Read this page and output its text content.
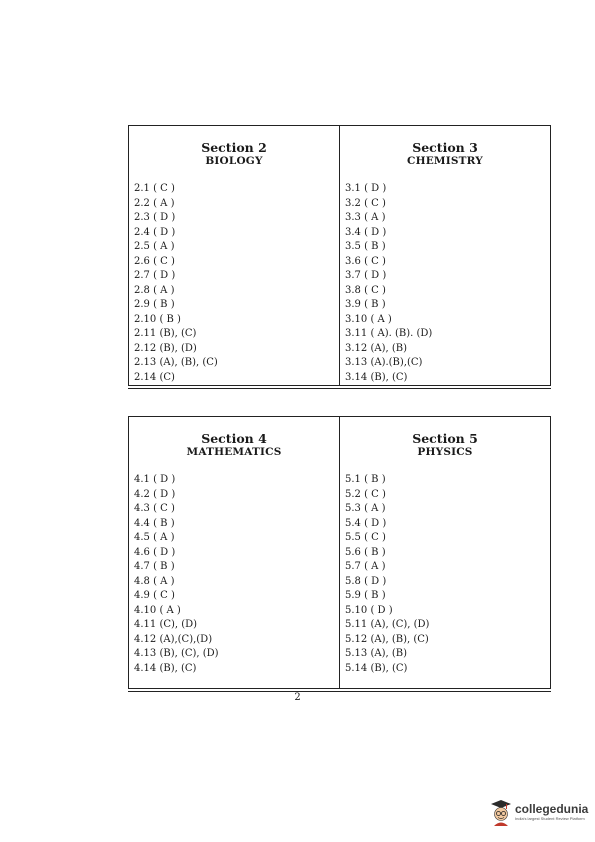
Section 2
BIOLOGY
2.1 ( C )
2.2 ( A )
2.3 ( D )
2.4 ( D )
2.5 ( A )
2.6 ( C )
2.7 ( D )
2.8 ( A )
2.9 ( B )
2.10 ( B )
2.11 (B), (C)
2.12 (B), (D)
2.13 (A), (B), (C)
2.14 (C)
Section 3
CHEMISTRY
3.1 ( D )
3.2 ( C )
3.3 ( A )
3.4 ( D )
3.5 ( B )
3.6 ( C )
3.7 ( D )
3.8 ( C )
3.9 ( B )
3.10 ( A )
3.11 ( A). (B). (D)
3.12 (A), (B)
3.13 (A).(B),(C)
3.14 (B), (C)
Section 4
MATHEMATICS
4.1 ( D )
4.2 ( D )
4.3 ( C )
4.4 ( B )
4.5 ( A )
4.6 ( D )
4.7 ( B )
4.8 ( A )
4.9 ( C )
4.10 ( A )
4.11 (C), (D)
4.12 (A),(C),(D)
4.13 (B), (C), (D)
4.14 (B), (C)
Section 5
PHYSICS
5.1 ( B )
5.2 ( C )
5.3 ( A )
5.4 ( D )
5.5 ( C )
5.6 ( B )
5.7 ( A )
5.8 ( D )
5.9 ( B )
5.10 ( D )
5.11 (A), (C), (D)
5.12 (A), (B), (C)
5.13 (A), (B)
5.14 (B), (C)
2
collegedunia
India's largest Student Review Platform
